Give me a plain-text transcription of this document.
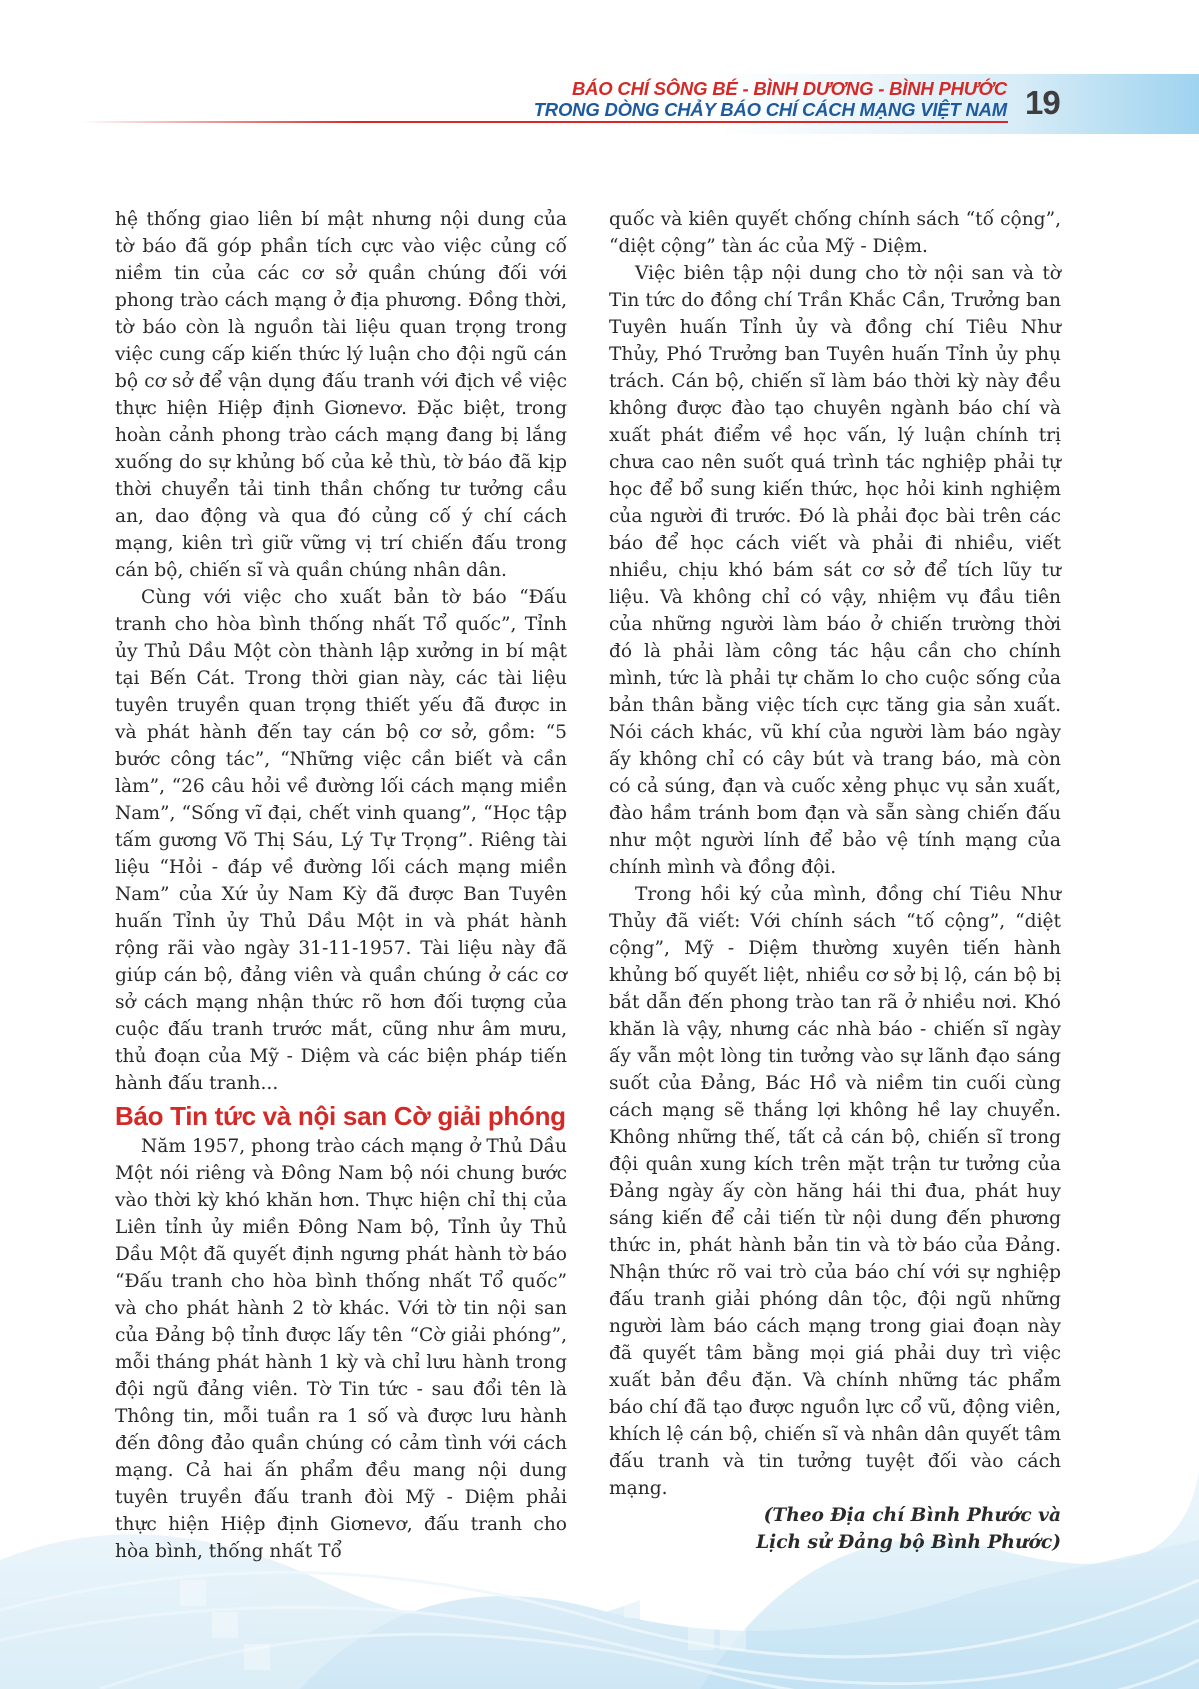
BÁO CHÍ SÔNG BÉ - BÌNH DƯƠNG - BÌNH PHƯỚC
TRONG DÒNG CHẢY BÁO CHÍ CÁCH MẠNG VIỆT NAM 19

hệ thống giao liên bí mật nhưng nội dung của tờ báo đã góp phần tích cực vào việc củng cố niềm tin của các cơ sở quần chúng đối với phong trào cách mạng ở địa phương. Đồng thời, tờ báo còn là nguồn tài liệu quan trọng trong việc cung cấp kiến thức lý luận cho đội ngũ cán bộ cơ sở để vận dụng đấu tranh với địch về việc thực hiện Hiệp định Giơnevơ. Đặc biệt, trong hoàn cảnh phong trào cách mạng đang bị lắng xuống do sự khủng bố của kẻ thù, tờ báo đã kịp thời chuyển tải tinh thần chống tư tưởng cầu an, dao động và qua đó củng cố ý chí cách mạng, kiên trì giữ vững vị trí chiến đấu trong cán bộ, chiến sĩ và quần chúng nhân dân.

Cùng với việc cho xuất bản tờ báo “Đấu tranh cho hòa bình thống nhất Tổ quốc”, Tỉnh ủy Thủ Dầu Một còn thành lập xưởng in bí mật tại Bến Cát. Trong thời gian này, các tài liệu tuyên truyền quan trọng thiết yếu đã được in và phát hành đến tay cán bộ cơ sở, gồm: “5 bước công tác”, “Những việc cần biết và cần làm”, “26 câu hỏi về đường lối cách mạng miền Nam”, “Sống vĩ đại, chết vinh quang”, “Học tập tấm gương Võ Thị Sáu, Lý Tự Trọng”. Riêng tài liệu “Hỏi - đáp về đường lối cách mạng miền Nam” của Xứ ủy Nam Kỳ đã được Ban Tuyên huấn Tỉnh ủy Thủ Dầu Một in và phát hành rộng rãi vào ngày 31-11-1957. Tài liệu này đã giúp cán bộ, đảng viên và quần chúng ở các cơ sở cách mạng nhận thức rõ hơn đối tượng của cuộc đấu tranh trước mắt, cũng như âm mưu, thủ đoạn của Mỹ - Diệm và các biện pháp tiến hành đấu tranh...

Báo Tin tức và nội san Cờ giải phóng

Năm 1957, phong trào cách mạng ở Thủ Dầu Một nói riêng và Đông Nam bộ nói chung bước vào thời kỳ khó khăn hơn. Thực hiện chỉ thị của Liên tỉnh ủy miền Đông Nam bộ, Tỉnh ủy Thủ Dầu Một đã quyết định ngưng phát hành tờ báo “Đấu tranh cho hòa bình thống nhất Tổ quốc” và cho phát hành 2 tờ khác. Với tờ tin nội san của Đảng bộ tỉnh được lấy tên “Cờ giải phóng”, mỗi tháng phát hành 1 kỳ và chỉ lưu hành trong đội ngũ đảng viên. Tờ Tin tức - sau đổi tên là Thông tin, mỗi tuần ra 1 số và được lưu hành đến đông đảo quần chúng có cảm tình với cách mạng. Cả hai ấn phẩm đều mang nội dung tuyên truyền đấu tranh đòi Mỹ - Diệm phải thực hiện Hiệp định Giơnevơ, đấu tranh cho hòa bình, thống nhất Tổ

quốc và kiên quyết chống chính sách “tố cộng”, “diệt cộng” tàn ác của Mỹ - Diệm.

Việc biên tập nội dung cho tờ nội san và tờ Tin tức do đồng chí Trần Khắc Cần, Trưởng ban Tuyên huấn Tỉnh ủy và đồng chí Tiêu Như Thủy, Phó Trưởng ban Tuyên huấn Tỉnh ủy phụ trách. Cán bộ, chiến sĩ làm báo thời kỳ này đều không được đào tạo chuyên ngành báo chí và xuất phát điểm về học vấn, lý luận chính trị chưa cao nên suốt quá trình tác nghiệp phải tự học để bổ sung kiến thức, học hỏi kinh nghiệm của người đi trước. Đó là phải đọc bài trên các báo để học cách viết và phải đi nhiều, viết nhiều, chịu khó bám sát cơ sở để tích lũy tư liệu. Và không chỉ có vậy, nhiệm vụ đầu tiên của những người làm báo ở chiến trường thời đó là phải làm công tác hậu cần cho chính mình, tức là phải tự chăm lo cho cuộc sống của bản thân bằng việc tích cực tăng gia sản xuất. Nói cách khác, vũ khí của người làm báo ngày ấy không chỉ có cây bút và trang báo, mà còn có cả súng, đạn và cuốc xẻng phục vụ sản xuất, đào hầm tránh bom đạn và sẵn sàng chiến đấu như một người lính để bảo vệ tính mạng của chính mình và đồng đội.

Trong hồi ký của mình, đồng chí Tiêu Như Thủy đã viết: Với chính sách “tố cộng”, “diệt cộng”, Mỹ - Diệm thường xuyên tiến hành khủng bố quyết liệt, nhiều cơ sở bị lộ, cán bộ bị bắt dẫn đến phong trào tan rã ở nhiều nơi. Khó khăn là vậy, nhưng các nhà báo - chiến sĩ ngày ấy vẫn một lòng tin tưởng vào sự lãnh đạo sáng suốt của Đảng, Bác Hồ và niềm tin cuối cùng cách mạng sẽ thắng lợi không hề lay chuyển. Không những thế, tất cả cán bộ, chiến sĩ trong đội quân xung kích trên mặt trận tư tưởng của Đảng ngày ấy còn hăng hái thi đua, phát huy sáng kiến để cải tiến từ nội dung đến phương thức in, phát hành bản tin và tờ báo của Đảng. Nhận thức rõ vai trò của báo chí với sự nghiệp đấu tranh giải phóng dân tộc, đội ngũ những người làm báo cách mạng trong giai đoạn này đã quyết tâm bằng mọi giá phải duy trì việc xuất bản đều đặn. Và chính những tác phẩm báo chí đã tạo được nguồn lực cổ vũ, động viên, khích lệ cán bộ, chiến sĩ và nhân dân quyết tâm đấu tranh và tin tưởng tuyệt đối vào cách mạng.

(Theo Địa chí Bình Phước và
Lịch sử Đảng bộ Bình Phước)
